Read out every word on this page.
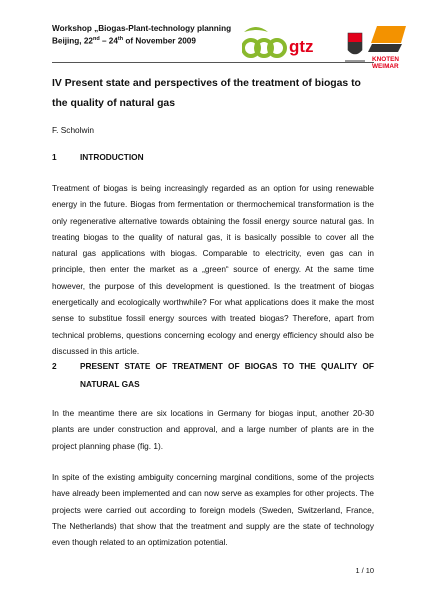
Workshop „Biogas-Plant-technology planning
Beijing, 22nd – 24th of November 2009	gtz
KNOTEN
WEIMAR
IV Present state and perspectives of the treatment of biogas to the quality of natural gas
F. Scholwin
1	INTRODUCTION

Treatment of biogas is being increasingly regarded as an option for using renewable energy in the future. Biogas from fermentation or thermochemical transformation is the only regenerative alternative towards obtaining the fossil energy source natural gas. In treating biogas to the quality of natural gas, it is basically possible to cover all the natural gas applications with biogas. Comparable to electricity, even gas can in principle, then enter the market as a „green“ source of energy. At the same time however, the purpose of this development is questioned. Is the treatment of biogas energetically and ecologically worthwhile? For what applications does it make the most sense to substitue fossil energy sources with treated biogas? Therefore, apart from technical problems, questions concerning ecology and energy efficiency should also be discussed in this article.

2	PRESENT STATE OF TREATMENT OF BIOGAS TO THE QUALITY OF NATURAL GAS

In the meantime there are six locations in Germany for biogas input, another 20-30 plants are under construction and approval, and a large number of plants are in the project planning phase (fig. 1).

In spite of the existing ambiguity concerning marginal conditions, some of the projects have already been implemented and can now serve as examples for other projects. The projects were carried out according to foreign models (Sweden, Switzerland, France, The Netherlands) that show that the treatment and supply are the state of technology even though related to an optimization potential.

1 / 10
